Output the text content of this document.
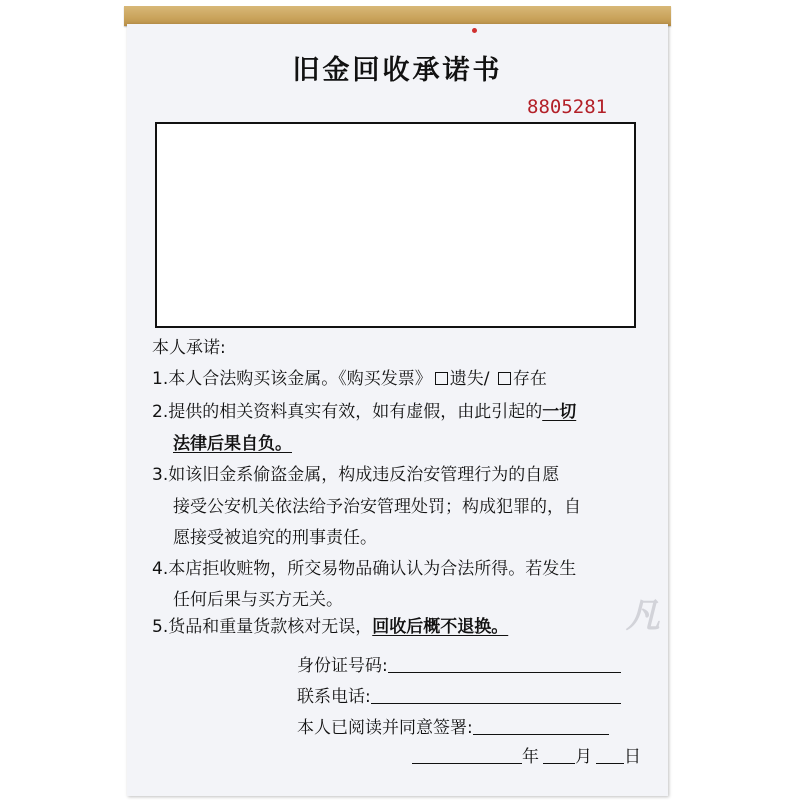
旧金回收承诺书
8805281
本人承诺:
1.本人合法购买该金属。《购买发票》 遗失/ 存在
2.提供的相关资料真实有效，如有虚假，由此引起的一切
法律后果自负。
3.如该旧金系偷盗金属，构成违反治安管理行为的自愿
接受公安机关依法给予治安管理处罚；构成犯罪的，自
愿接受被追究的刑事责任。
4.本店拒收赃物，所交易物品确认认为合法所得。若发生
任何后果与买方无关。
5.货品和重量货款核对无误，回收后概不退换。
身份证号码:
联系电话:
本人已阅读并同意签署:
年 月 日
凡
